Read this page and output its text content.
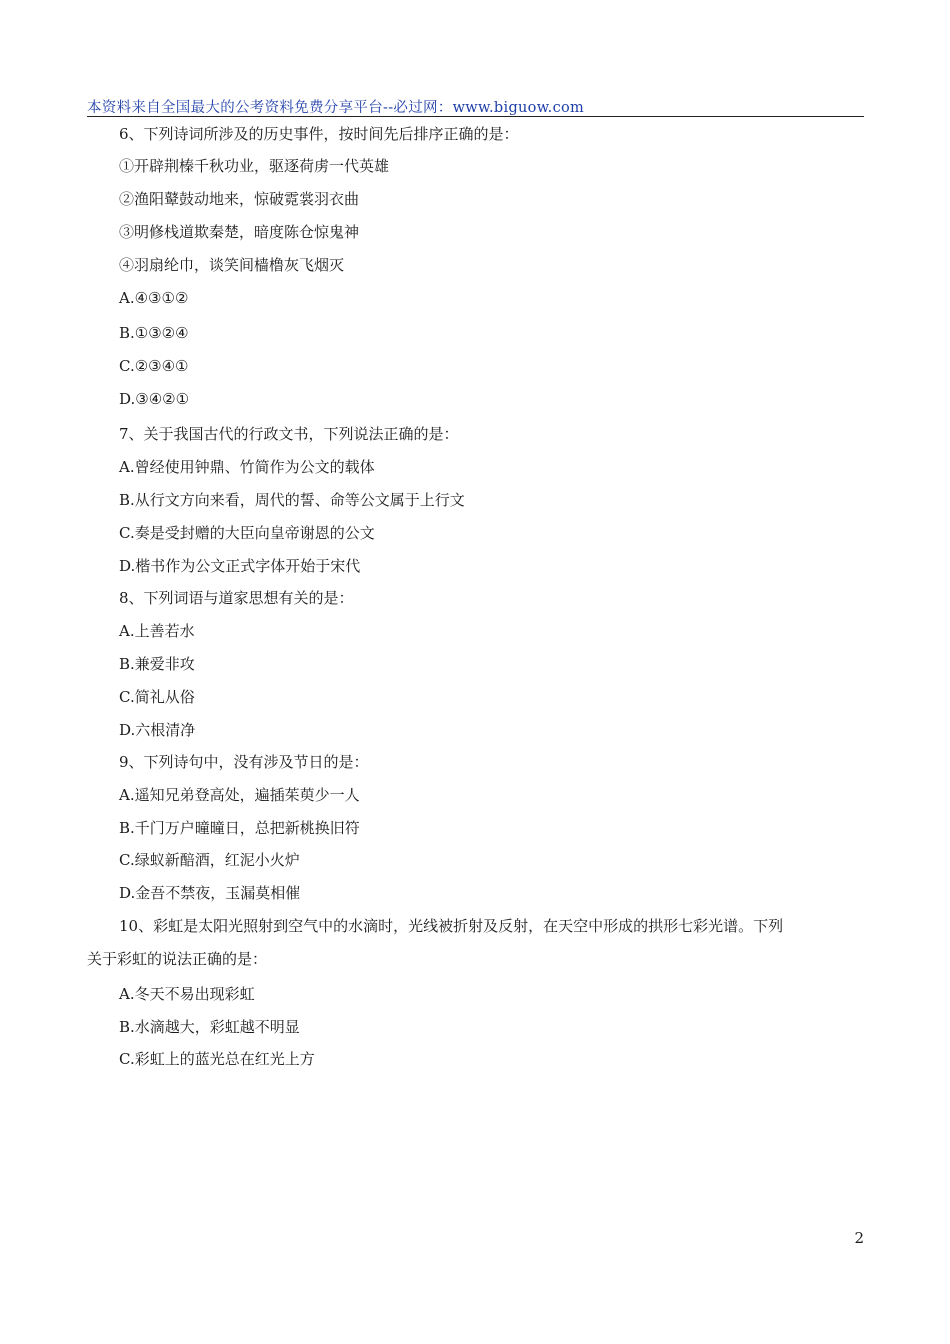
本资料来自全国最大的公考资料免费分享平台--必过网：www.biguow.com
6、下列诗词所涉及的历史事件，按时间先后排序正确的是：
①开辟荆榛千秋功业，驱逐荷虏一代英雄
②渔阳鼙鼓动地来，惊破霓裳羽衣曲
③明修栈道欺秦楚，暗度陈仓惊鬼神
④羽扇纶巾，谈笑间樯橹灰飞烟灭
A.④③①②
B.①③②④
C.②③④①
D.③④②①
7、关于我国古代的行政文书，下列说法正确的是：
A.曾经使用钟鼎、竹简作为公文的载体
B.从行文方向来看，周代的誓、命等公文属于上行文
C.奏是受封赠的大臣向皇帝谢恩的公文
D.楷书作为公文正式字体开始于宋代
8、下列词语与道家思想有关的是：
A.上善若水
B.兼爱非攻
C.简礼从俗
D.六根清净
9、下列诗句中，没有涉及节日的是：
A.遥知兄弟登高处，遍插茱萸少一人
B.千门万户曈曈日，总把新桃换旧符
C.绿蚁新醅酒，红泥小火炉
D.金吾不禁夜，玉漏莫相催
10、彩虹是太阳光照射到空气中的水滴时，光线被折射及反射，在天空中形成的拱形七彩光谱。下列
关于彩虹的说法正确的是：
A.冬天不易出现彩虹
B.水滴越大，彩虹越不明显
C.彩虹上的蓝光总在红光上方
2
